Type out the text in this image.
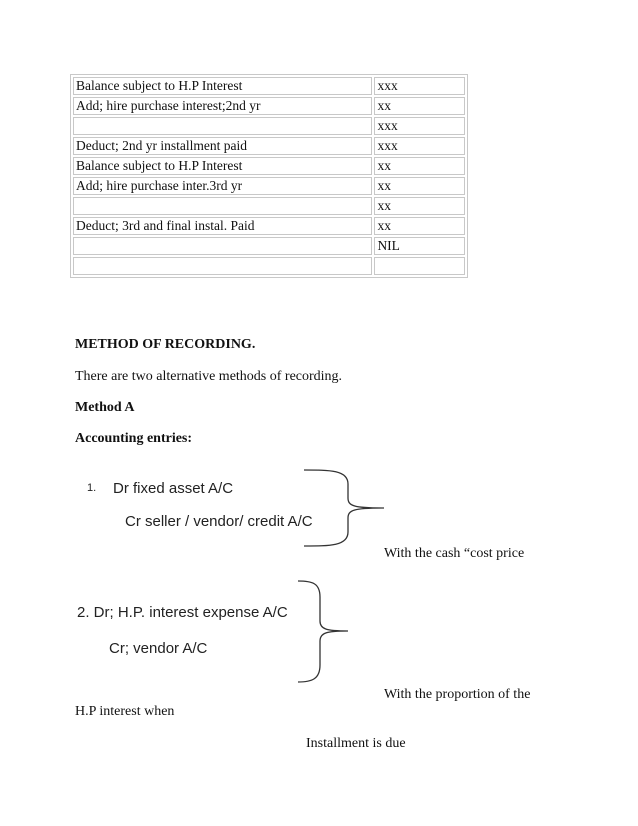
Balance subject to H.P Interest	xxx
Add; hire purchase interest;2nd yr	xx
	xxx
Deduct; 2nd yr installment paid	xxx
Balance subject to H.P Interest	xx
Add; hire purchase inter.3rd yr	xx
	xx
Deduct; 3rd and final instal. Paid	xx
	NIL

METHOD OF RECORDING.
There are two alternative methods of recording.
Method A
Accounting entries:
1. Dr fixed asset A/C
Cr seller / vendor/ credit A/C
With the cash “cost price
2. Dr; H.P. interest expense A/C
Cr; vendor A/C
With the proportion of the
H.P interest when
Installment is due
